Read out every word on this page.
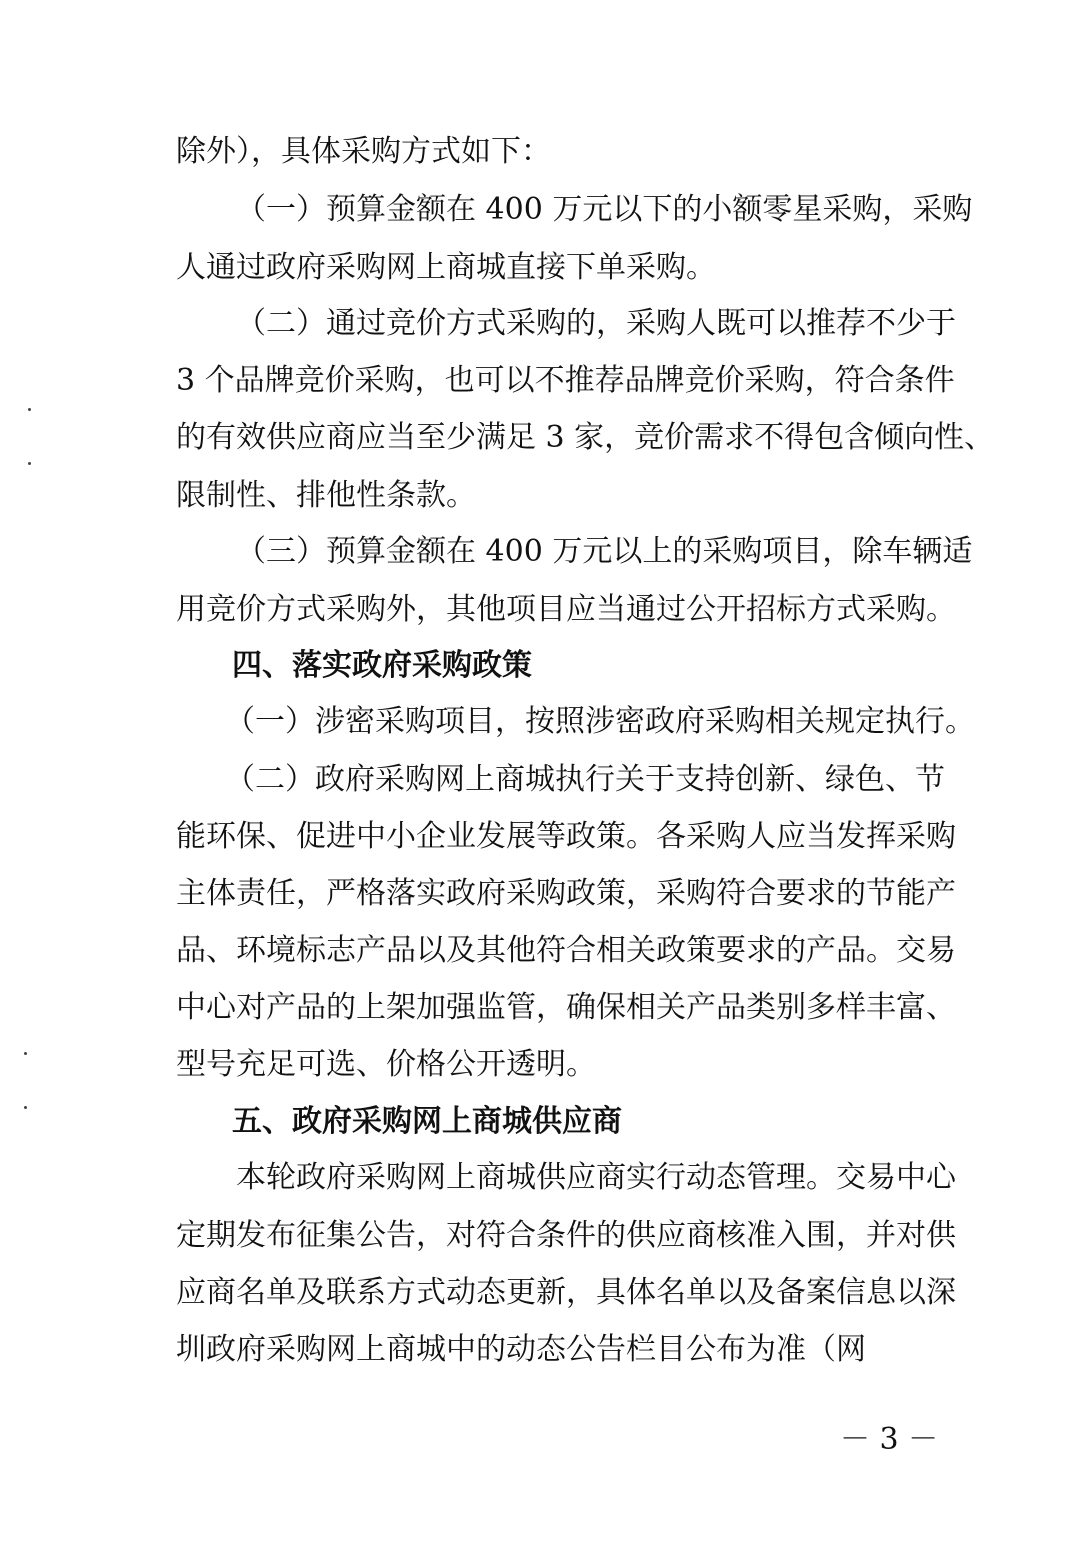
除外），具体采购方式如下：
（一）预算金额在 400 万元以下的小额零星采购，采购
人通过政府采购网上商城直接下单采购。
（二）通过竞价方式采购的，采购人既可以推荐不少于
3 个品牌竞价采购，也可以不推荐品牌竞价采购，符合条件
的有效供应商应当至少满足 3 家，竞价需求不得包含倾向性、
限制性、排他性条款。
（三）预算金额在 400 万元以上的采购项目，除车辆适
用竞价方式采购外，其他项目应当通过公开招标方式采购。
四、落实政府采购政策
（一）涉密采购项目，按照涉密政府采购相关规定执行。
（二）政府采购网上商城执行关于支持创新、绿色、节
能环保、促进中小企业发展等政策。各采购人应当发挥采购
主体责任，严格落实政府采购政策，采购符合要求的节能产
品、环境标志产品以及其他符合相关政策要求的产品。交易
中心对产品的上架加强监管，确保相关产品类别多样丰富、
型号充足可选、价格公开透明。
五、政府采购网上商城供应商
本轮政府采购网上商城供应商实行动态管理。交易中心
定期发布征集公告，对符合条件的供应商核准入围，并对供
应商名单及联系方式动态更新，具体名单以及备案信息以深
圳政府采购网上商城中的动态公告栏目公布为准（网
－ 3 －
